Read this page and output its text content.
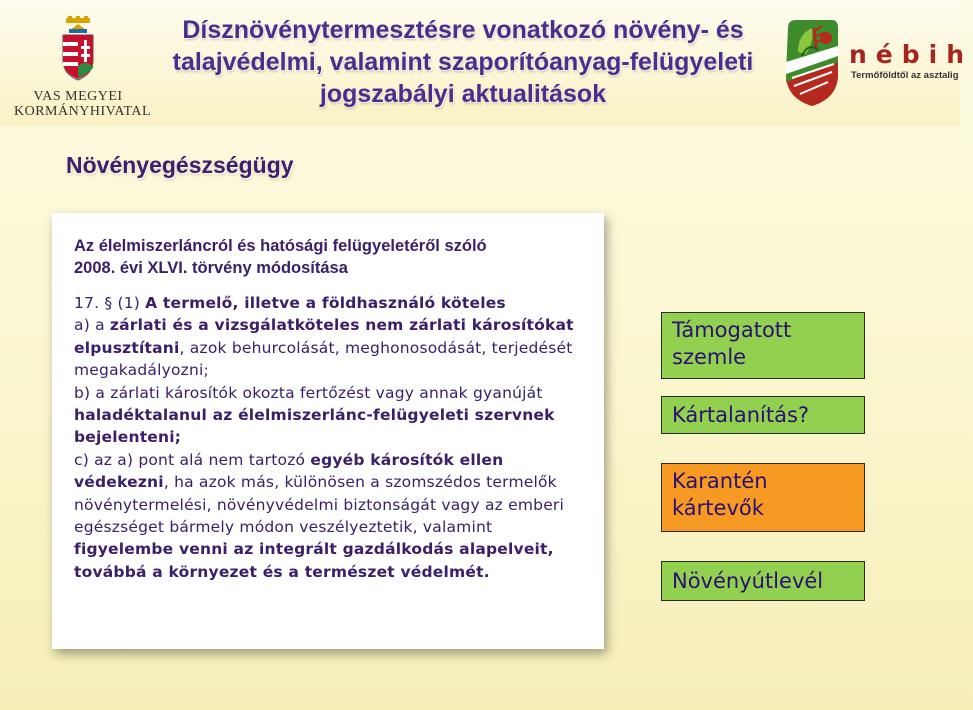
VAS MEGYEI
KORMÁNYHIVATAL
Dísznövénytermesztésre vonatkozó növény- és
talajvédelmi, valamint szaporítóanyag-felügyeleti
jogszabályi aktualitások
nébih
Termőföldtől az asztalig
Növényegészségügy
Az élelmiszerláncról és hatósági felügyeletéről szóló
2008. évi XLVI. törvény módosítása

17. § (1) A termelő, illetve a földhasználó köteles

a) a zárlati és a vizsgálatköteles nem zárlati károsítókat

elpusztítani, azok behurcolását, meghonosodását, terjedését

megakadályozni;

b) a zárlati károsítók okozta fertőzést vagy annak gyanúját

haladéktalanul az élelmiszerlánc-felügyeleti szervnek

bejelenteni;

c) az a) pont alá nem tartozó egyéb károsítók ellen

védekezni, ha azok más, különösen a szomszédos termelők

növénytermelési, növényvédelmi biztonságát vagy az emberi

egészséget bármely módon veszélyeztetik, valamint

figyelembe venni az integrált gazdálkodás alapelveit,

továbbá a környezet és a természet védelmét.

Támogatott szemle
Kártalanítás?
Karantén kártevők
Növényútlevél
